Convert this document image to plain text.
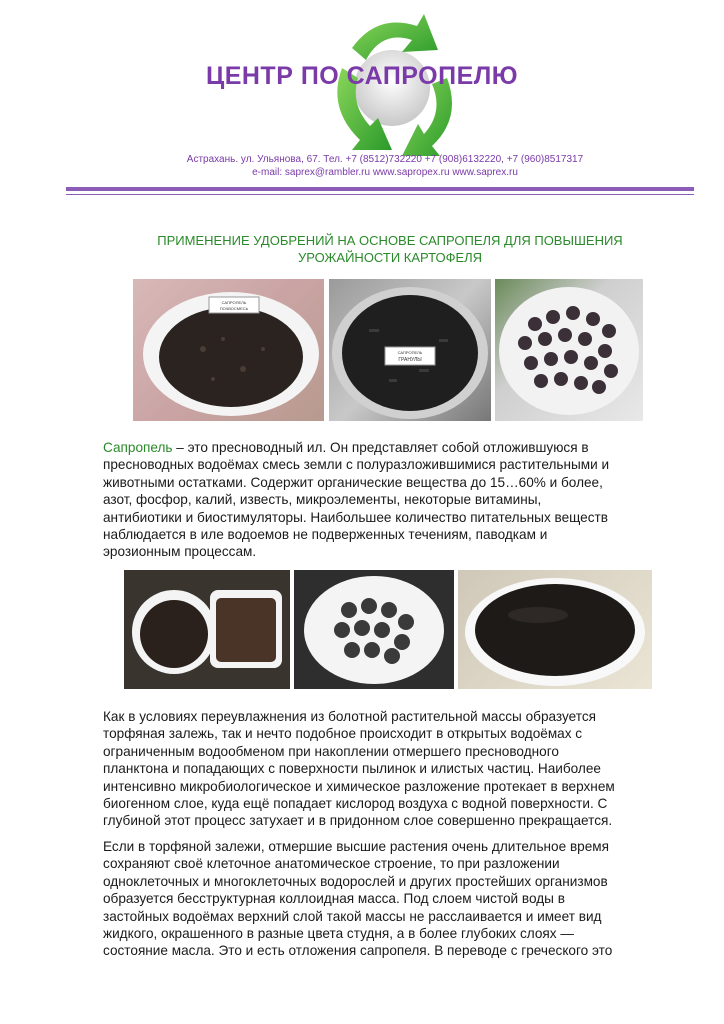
ЦЕНТР ПО САПРОПЕЛЮ
Астрахань. ул. Ульянова, 67. Тел. +7 (8512)732220 +7 (908)6132220, +7 (960)8517317
e-mail: saprex@rambler.ru www.sapropex.ru www.saprex.ru
ПРИМЕНЕНИЕ УДОБРЕНИЙ НА ОСНОВЕ САПРОПЕЛЯ ДЛЯ ПОВЫШЕНИЯ
УРОЖАЙНОСТИ КАРТОФЕЛЯ
САПРОПЕЛЬ
ПОЧВОСМЕСЬ
САПРОПЕЛЬ
ГРАНУЛЫ
Сапропель – это пресноводный ил. Он представляет собой отложившуюся в
пресноводных водоёмах смесь земли с полуразложившимися растительными и
животными остатками. Содержит органические вещества до 15…60% и более,
азот, фосфор, калий, известь, микроэлементы, некоторые витамины,
антибиотики и биостимуляторы. Наибольшее количество питательных веществ
наблюдается в иле водоемов не подверженных течениям, паводкам и
эрозионным процессам.
Как в условиях переувлажнения из болотной растительной массы образуется
торфяная залежь, так и нечто подобное происходит в открытых водоёмах с
ограниченным водообменом при накоплении отмершего пресноводного
планктона и попадающих с поверхности пылинок и илистых частиц. Наиболее
интенсивно микробиологическое и химическое разложение протекает в верхнем
биогенном слое, куда ещё попадает кислород воздуха с водной поверхности. С
глубиной этот процесс затухает и в придонном слое совершенно прекращается.
Если в торфяной залежи, отмершие высшие растения очень длительное время
сохраняют своё клеточное анатомическое строение, то при разложении
одноклеточных и многоклеточных водорослей и других простейших организмов
образуется бесструктурная коллоидная масса. Под слоем чистой воды в
застойных водоёмах верхний слой такой массы не расслаивается и имеет вид
жидкого, окрашенного в разные цвета студня, а в более глубоких слоях —
состояние масла. Это и есть отложения сапропеля. В переводе с греческого это
